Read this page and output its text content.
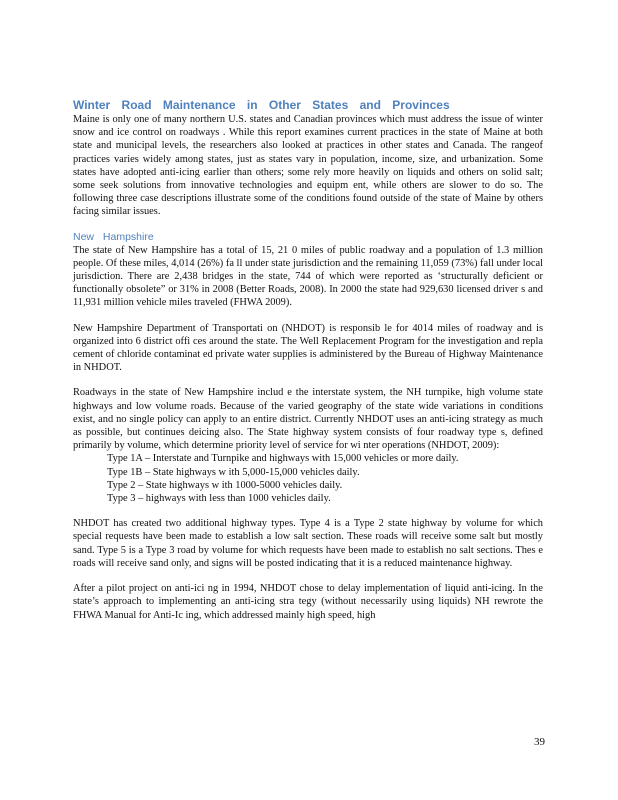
Winter Road Maintenance in Other States and Provinces

Maine is only one of many northern U.S. states and Canadian provinces which must address the issue of winter snow and ice control on roadways . While this report examines current practices in the state of Maine at both state and municipal levels, the researchers also looked at practices in other states and Canada. The rangeof practices varies widely among states, just as states vary in population, income, size, and urbanization. Some states have adopted anti-icing earlier than others; some rely more heavily on liquids and others on solid salt; some seek solutions from innovative technologies and equipm ent, while others are slower to do so. The following three case descriptions illustrate some of the conditions found outside of the state of Maine by others facing similar issues.

New Hampshire

The state of New Hampshire has a total of 15, 21 0 miles of public roadway and a population of 1.3 million people. Of these miles, 4,014 (26%) fa ll under state jurisdiction and the remaining 11,059 (73%) fall under local jurisdiction. There are 2,438 bridges in the state, 744 of which were reported as ‘structurally deficient or functionally obsolete” or 31% in 2008 (Better Roads, 2008). In 2000 the state had 929,630 licensed driver s and 11,931 million vehicle miles traveled (FHWA 2009).

New Hampshire Department of Transportati on (NHDOT) is responsib le for 4014 miles of roadway and is organized into 6 district offi ces around the state. The Well Replacement Program for the investigation and repla cement of chloride contaminat ed private water supplies is administered by the Bureau of Highway Maintenance in NHDOT.

Roadways in the state of New Hampshire includ e the interstate system, the NH turnpike, high volume state highways and low volume roads. Because of the varied geography of the state wide variations in conditions exist, and no single policy can apply to an entire district. Currently NHDOT uses an anti-icing strategy as much as possible, but continues deicing also. The State highway system consists of four roadway type s, defined primarily by volume, which determine priority level of service for wi nter operations (NHDOT, 2009):

Type 1A – Interstate and Turnpike and highways with 15,000 vehicles or more daily.
Type 1B – State highways w ith 5,000-15,000 vehicles daily.
Type 2 – State highways w ith 1000-5000 vehicles daily.
Type 3 – highways with less than 1000 vehicles daily.

NHDOT has created two additional highway types. Type 4 is a Type 2 state highway by volume for which special requests have been made to establish a low salt section. These roads will receive some salt but mostly sand. Type 5 is a Type 3 road by volume for which requests have been made to establish no salt sections. Thes e roads will receive sand only, and signs will be posted indicating that it is a reduced maintenance highway.

After a pilot project on anti-ici ng in 1994, NHDOT chose to delay implementation of liquid anti-icing. In the state’s approach to implementing an anti-icing stra tegy (without necessarily using liquids) NH rewrote the FHWA Manual for Anti-Ic ing, which addressed mainly high speed, high

39
